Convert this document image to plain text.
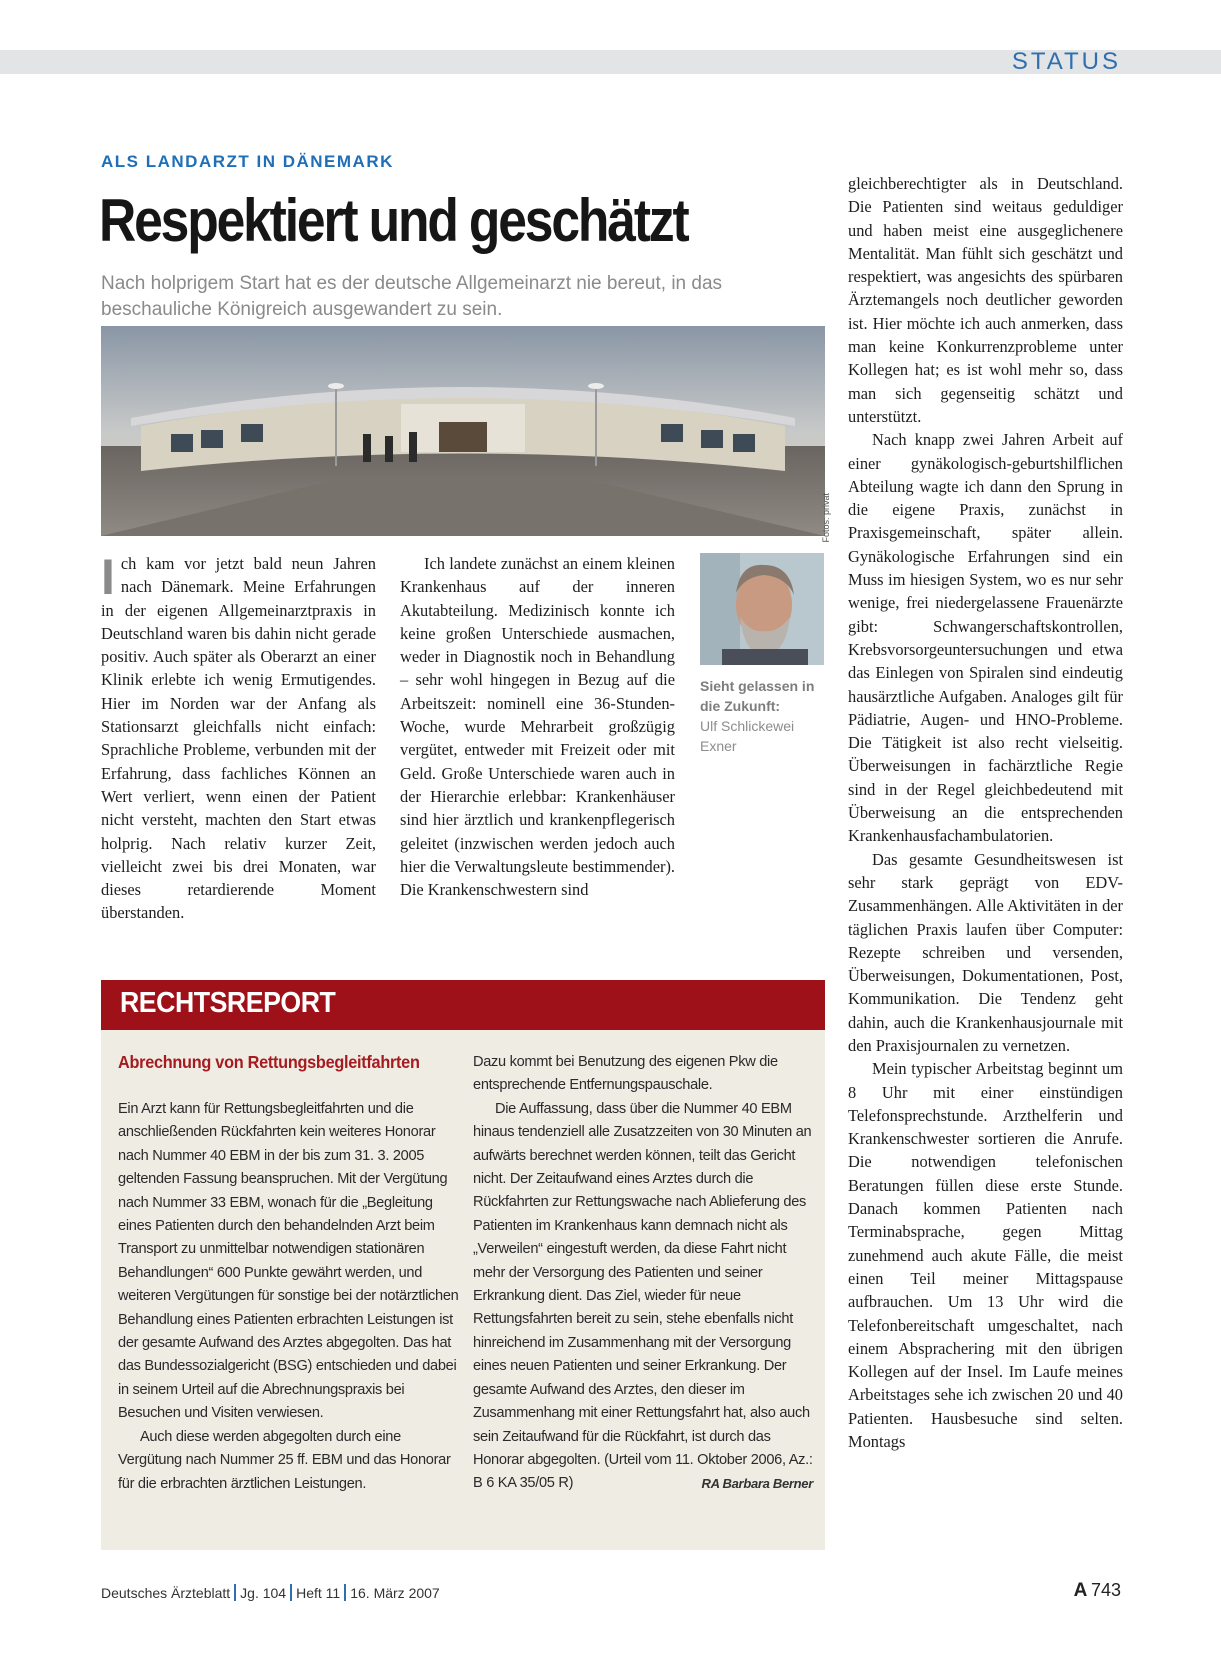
STATUS
ALS LANDARZT IN DÄNEMARK
Respektiert und geschätzt
Nach holprigem Start hat es der deutsche Allgemeinarzt nie bereut, in das beschauliche Königreich ausgewandert zu sein.
Fotos: privat
I ch kam vor jetzt bald neun Jahren nach Dänemark. Meine Erfahrungen in der eigenen Allgemeinarztpraxis in Deutschland waren bis dahin nicht gerade positiv. Auch später als Oberarzt an einer Klinik erlebte ich wenig Ermutigendes. Hier im Norden war der Anfang als Stationsarzt gleichfalls nicht einfach: Sprachliche Probleme, verbunden mit der Erfahrung, dass fachliches Können an Wert verliert, wenn einen der Patient nicht versteht, machten den Start etwas holprig. Nach relativ kurzer Zeit, vielleicht zwei bis drei Monaten, war dieses retardierende Moment überstanden.

Ich landete zunächst an einem kleinen Krankenhaus auf der inneren Akutabteilung. Medizinisch konnte ich keine großen Unterschiede ausmachen, weder in Diagnostik noch in Behandlung – sehr wohl hingegen in Bezug auf die Arbeitszeit: nominell eine 36-Stunden-Woche, wurde Mehrarbeit großzügig vergütet, entweder mit Freizeit oder mit Geld. Große Unterschiede waren auch in der Hierarchie erlebbar: Krankenhäuser sind hier ärztlich und krankenpflegerisch geleitet (inzwischen werden jedoch auch hier die Verwaltungsleute bestimmender). Die Krankenschwestern sind

Sieht gelassen in die Zukunft:
Ulf Schlickewei Exner

gleichberechtigter als in Deutschland. Die Patienten sind weitaus geduldiger und haben meist eine ausgeglichenere Mentalität. Man fühlt sich geschätzt und respektiert, was angesichts des spürbaren Ärztemangels noch deutlicher geworden ist. Hier möchte ich auch anmerken, dass man keine Konkurrenzprobleme unter Kollegen hat; es ist wohl mehr so, dass man sich gegenseitig schätzt und unterstützt.

Nach knapp zwei Jahren Arbeit auf einer gynäkologisch-geburtshilflichen Abteilung wagte ich dann den Sprung in die eigene Praxis, zunächst in Praxisgemeinschaft, später allein. Gynäkologische Erfahrungen sind ein Muss im hiesigen System, wo es nur sehr wenige, frei niedergelassene Frauenärzte gibt: Schwangerschaftskontrollen, Krebsvorsorgeuntersuchungen und etwa das Einlegen von Spiralen sind eindeutig hausärztliche Aufgaben. Analoges gilt für Pädiatrie, Augen- und HNO-Probleme. Die Tätigkeit ist also recht vielseitig. Überweisungen in fachärztliche Regie sind in der Regel gleichbedeutend mit Überweisung an die entsprechenden Krankenhausfachambulatorien.

Das gesamte Gesundheitswesen ist sehr stark geprägt von EDV-Zusammenhängen. Alle Aktivitäten in der täglichen Praxis laufen über Computer: Rezepte schreiben und versenden, Überweisungen, Dokumentationen, Post, Kommunikation. Die Tendenz geht dahin, auch die Krankenhausjournale mit den Praxisjournalen zu vernetzen.

Mein typischer Arbeitstag beginnt um 8 Uhr mit einer einstündigen Telefonsprechstunde. Arzthelferin und Krankenschwester sortieren die Anrufe. Die notwendigen telefonischen Beratungen füllen diese erste Stunde. Danach kommen Patienten nach Terminabsprache, gegen Mittag zunehmend auch akute Fälle, die meist einen Teil meiner Mittagspause aufbrauchen. Um 13 Uhr wird die Telefonbereitschaft umgeschaltet, nach einem Absprachering mit den übrigen Kollegen auf der Insel. Im Laufe meines Arbeitstages sehe ich zwischen 20 und 40 Patienten. Hausbesuche sind selten. Montags

RECHTSREPORT
Abrechnung von Rettungsbegleitfahrten

Ein Arzt kann für Rettungsbegleitfahrten und die anschließenden Rückfahrten kein weiteres Honorar nach Nummer 40 EBM in der bis zum 31. 3. 2005 geltenden Fassung beanspruchen. Mit der Vergütung nach Nummer 33 EBM, wonach für die „Begleitung eines Patienten durch den behandelnden Arzt beim Transport zu unmittelbar notwendigen stationären Behandlungen“ 600 Punkte gewährt werden, und weiteren Vergütungen für sonstige bei der notärztlichen Behandlung eines Patienten erbrachten Leistungen ist der gesamte Aufwand des Arztes abgegolten. Das hat das Bundessozialgericht (BSG) entschieden und dabei in seinem Urteil auf die Abrechnungspraxis bei Besuchen und Visiten verwiesen.

Auch diese werden abgegolten durch eine Vergütung nach Nummer 25 ff. EBM und das Honorar für die erbrachten ärztlichen Leistungen.

Dazu kommt bei Benutzung des eigenen Pkw die entsprechende Entfernungspauschale.

Die Auffassung, dass über die Nummer 40 EBM hinaus tendenziell alle Zusatzzeiten von 30 Minuten an aufwärts berechnet werden können, teilt das Gericht nicht. Der Zeitaufwand eines Arztes durch die Rückfahrten zur Rettungswache nach Ablieferung des Patienten im Krankenhaus kann demnach nicht als „Verweilen“ eingestuft werden, da diese Fahrt nicht mehr der Versorgung des Patienten und seiner Erkrankung dient. Das Ziel, wieder für neue Rettungsfahrten bereit zu sein, stehe ebenfalls nicht hinreichend im Zusammenhang mit der Versorgung eines neuen Patienten und seiner Erkrankung. Der gesamte Aufwand des Arztes, den dieser im Zusammenhang mit einer Rettungsfahrt hat, also auch sein Zeitaufwand für die Rückfahrt, ist durch das Honorar abgegolten. (Urteil vom 11. Oktober 2006, Az.: B 6 KA 35/05 R)	RA Barbara Berner

Deutsches Ärzteblatt Jg. 104 Heft 11 16. März 2007	A  743
